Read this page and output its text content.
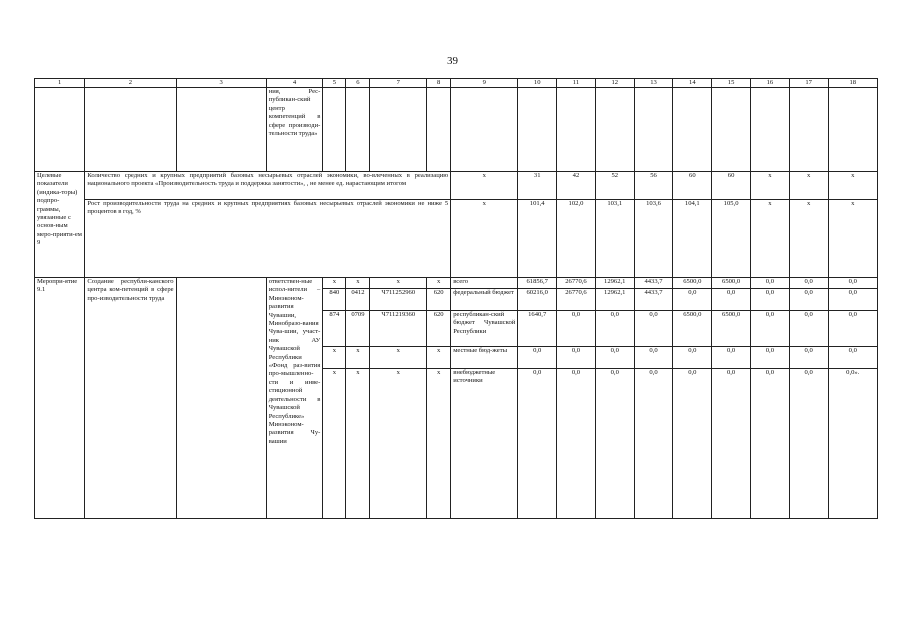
39
1	2	3	4	5	6	7	8	9	10	11	12	13	14	15	16	17	18
			ния, Рес-публикан-ский центр компетенций в сфере производи-тельности труда»														
Целевые показатели (индика-торы) подпро-граммы, увязанные с основ-ным меро-прияти-ем 9	Количество средних и крупных предприятий базовых несырьевых отраслей экономики, во-влеченных в реализацию национального проекта «Производительность труда и поддержка занятости», , не менее ед. нарастающим итогом							x	31	42	52	56	60	60	x	x	x
	Рост производительности труда на средних и крупных предприятиях базовых несырьевых отраслей экономики не ниже 5 процентов в год, %							x	101,4	102,0	103,1	103,6	104,1	105,0	x	x	x
Меропри-ятие 9.1	Создание республи-канского центра ком-петенций в сфере про-изводительности труда		ответствен-ные испол-нители – Минэконом-развития Чувашии, Минобразо-вания Чува-шии, участ-ник АУ Чувашской Республики «Фонд раз-вития про-мышленно-сти и инве-стиционной деятельности в Чувашской Республике» Минэконом-развития Чу-вашии	x	x	x	x	всего	61856,7	26770,6	12962,1	4433,7	6500,0	6500,0	0,0	0,0	0,0
				840	0412	Ч711252960	620	федеральный бюджет	60216,0	26770,6	12962,1	4433,7	0,0	0,0	0,0	0,0	0,0
				874	0709	Ч711219360	620	республикан-ский бюджет Чувашской Республики	1640,7	0,0	0,0	0,0	6500,0	6500,0	0,0	0,0	0,0
				x	x	x	x	местные бюд-жеты	0,0	0,0	0,0	0,0	0,0	0,0	0,0	0,0	0,0
				x	x	x	x	внебюджетные источники	0,0	0,0	0,0	0,0	0,0	0,0	0,0	0,0	0,0».
